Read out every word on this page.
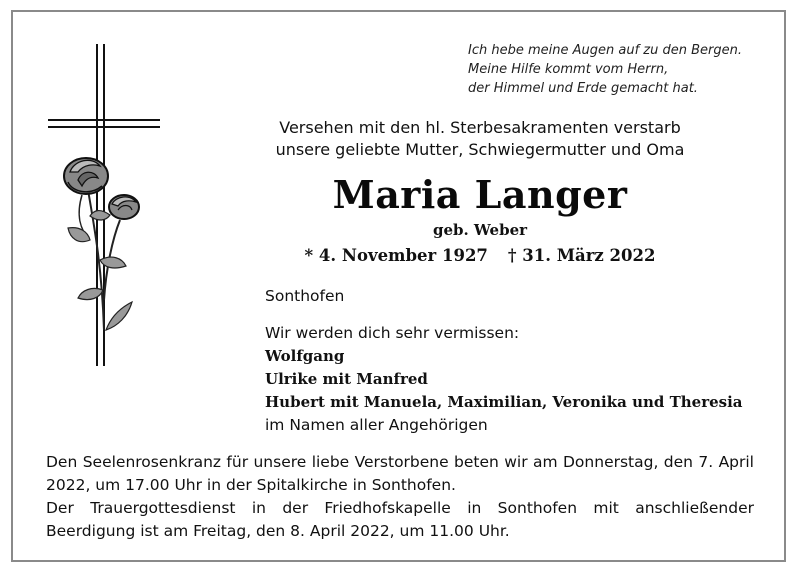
Ich hebe meine Augen auf zu den Bergen.
Meine Hilfe kommt vom Herrn,
der Himmel und Erde gemacht hat.
Versehen mit den hl. Sterbesakramenten verstarb
unsere geliebte Mutter, Schwiegermutter und Oma
Maria Langer
geb. Weber
* 4. November 1927 † 31. März 2022
Sonthofen
Wir werden dich sehr vermissen:
Wolfgang
Ulrike mit Manfred
Hubert mit Manuela, Maximilian, Veronika und Theresia
im Namen aller Angehörigen

Den Seelenrosenkranz für unsere liebe Verstorbene beten wir am Donnerstag, den 7. April 2022, um 17.00 Uhr in der Spitalkirche in Sonthofen.

Der Trauergottesdienst in der Friedhofskapelle in Sonthofen mit anschließender Beerdigung ist am Freitag, den 8. April 2022, um 11.00 Uhr.
